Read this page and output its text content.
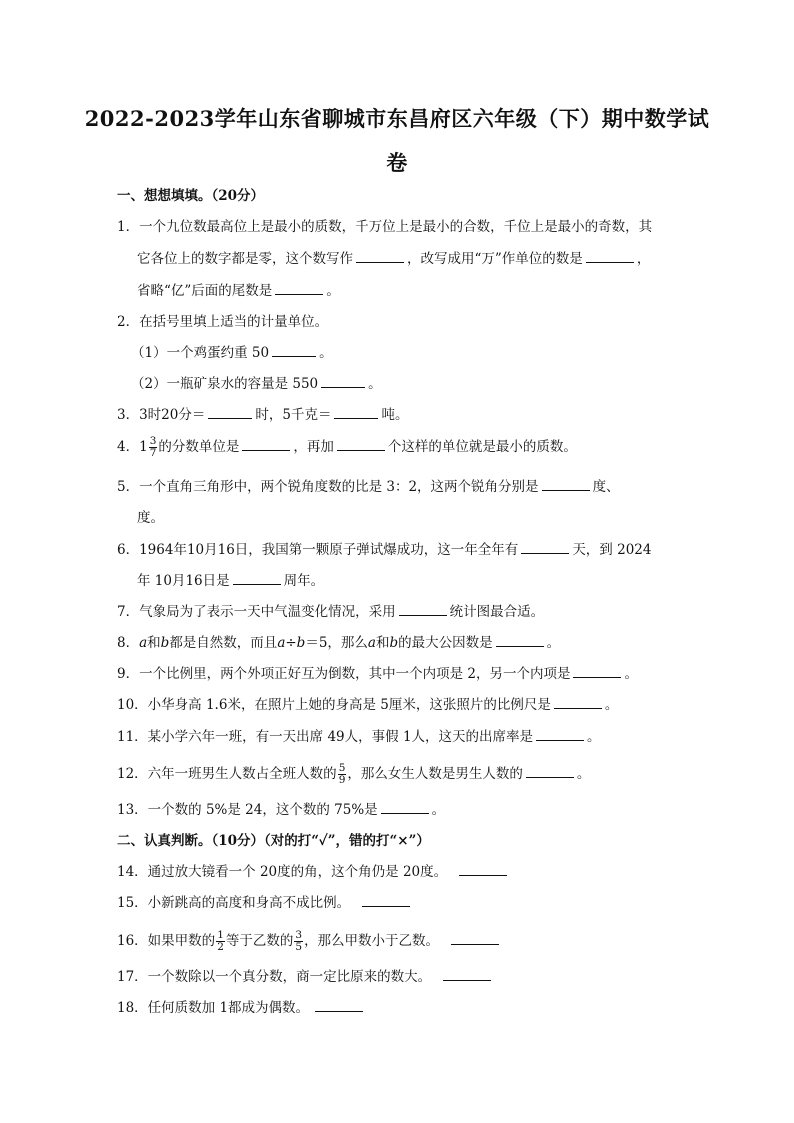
2022-2023学年山东省聊城市东昌府区六年级（下）期中数学试
卷
一、想想填填。（20分）
1．一个九位数最高位上是最小的质数，千万位上是最小的合数，千位上是最小的奇数，其
它各位上的数字都是零，这个数写作	，改写成用“万”作单位的数是	，
省略“亿”后面的尾数是	。
2．在括号里填上适当的计量单位。
（1）一个鸡蛋约重 50	。
（2）一瓶矿泉水的容量是 550	。
3．3时20分＝	时，5千克＝	吨。
4．$1 \frac{3}{7}$ 的分数单位是	，再加	个这样的单位就是最小的质数。
5．一个直角三角形中，两个锐角度数的比是 3：2，这两个锐角分别是	度、
度。
6．1964年10月16日，我国第一颗原子弹试爆成功，这一年全年有	天，到 2024
年 10月16日是	周年。
7．气象局为了表示一天中气温变化情况，采用	统计图最合适。
8．a和b都是自然数，而且a÷b＝5，那么a和b的最大公因数是	。
9．一个比例里，两个外项正好互为倒数，其中一个内项是 2，另一个内项是	。
10．小华身高 1.6米，在照片上她的身高是 5厘米，这张照片的比例尺是	。
11．某小学六年一班，有一天出席 49人，事假 1人，这天的出席率是	。
12．六年一班男生人数占全班人数的 $\frac{5}{9}$ ，那么女生人数是男生人数的	。
13．一个数的 5%是 24，这个数的 75%是	。
二、认真判断。（10分）（对的打“✓”，错的打“×”）
14．通过放大镜看一个 20度的角，这个角仍是 20度。
15．小新跳高的高度和身高不成比例。
16．如果甲数的 $\frac{1}{2}$ 等于乙数的 $\frac{3}{5}$ ，那么甲数小于乙数。
17．一个数除以一个真分数，商一定比原来的数大。
18．任何质数加 1都成为偶数。
